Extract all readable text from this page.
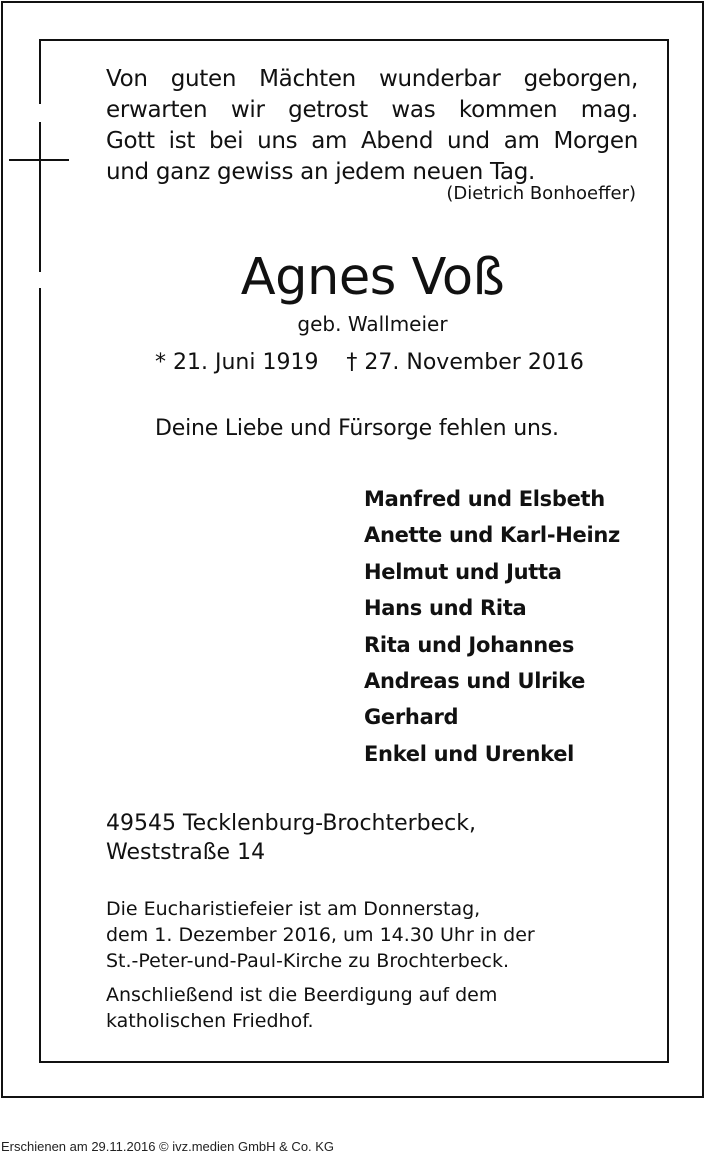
Von guten Mächten wunderbar geborgen,
erwarten wir getrost was kommen mag.
Gott ist bei uns am Abend und am Morgen
und ganz gewiss an jedem neuen Tag.
(Dietrich Bonhoeffer)
Agnes Voß
geb. Wallmeier
* 21. Juni 1919    † 27. November 2016
Deine Liebe und Fürsorge fehlen uns.
Manfred und Elsbeth
Anette und Karl-Heinz
Helmut und Jutta
Hans und Rita
Rita und Johannes
Andreas und Ulrike
Gerhard
Enkel und Urenkel
49545 Tecklenburg-Brochterbeck,
Weststraße 14

Die Eucharistiefeier ist am Donnerstag,
dem 1. Dezember 2016, um 14.30 Uhr in der
St.-Peter-und-Paul-Kirche zu Brochterbeck.

Anschließend ist die Beerdigung auf dem
katholischen Friedhof.

Erschienen am 29.11.2016 © ivz.medien GmbH & Co. KG
